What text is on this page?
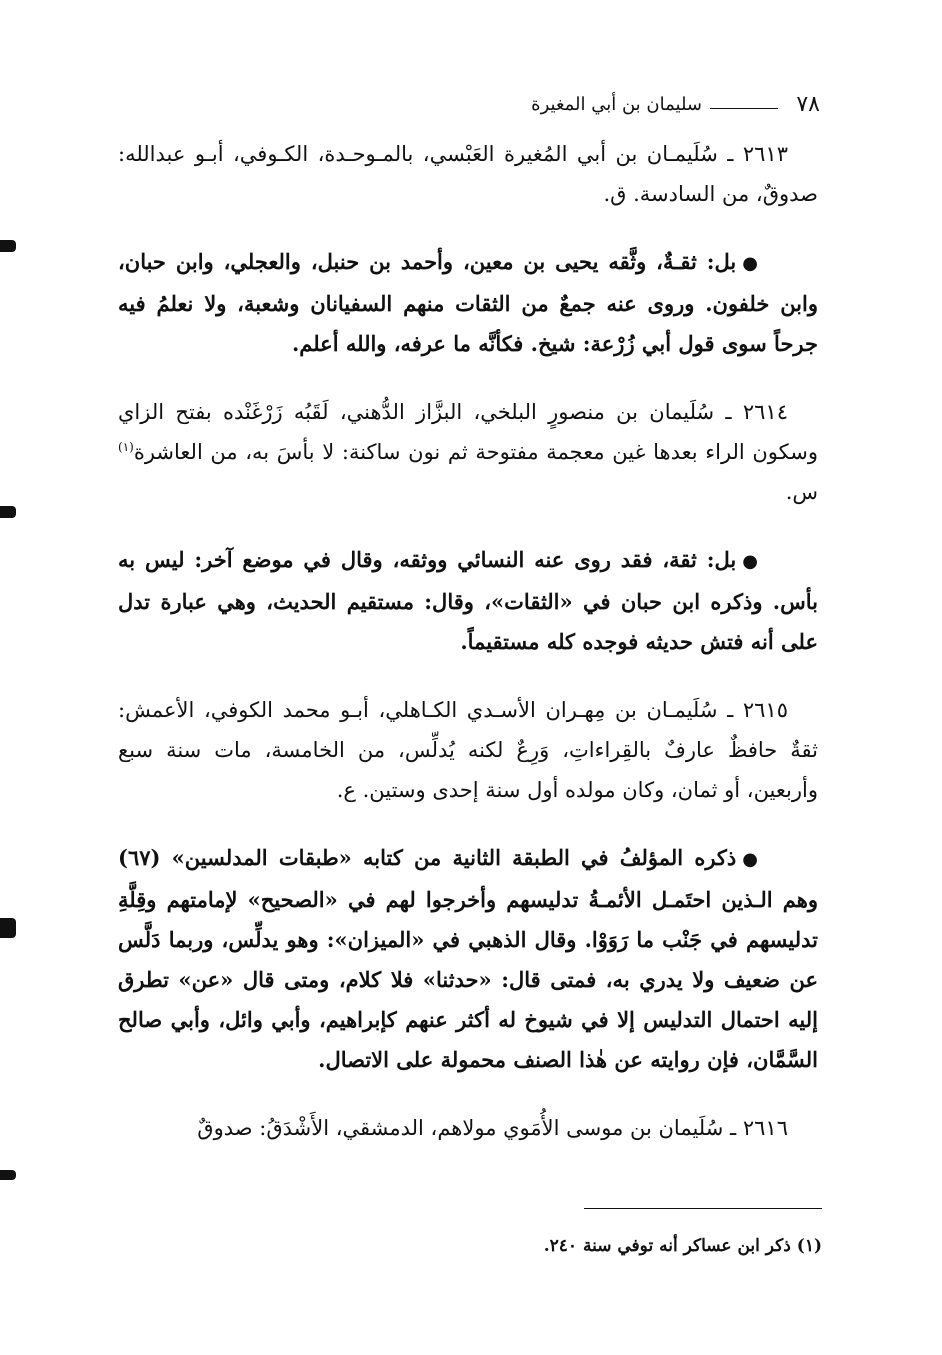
٧٨
سليمان بن أبي المغيرة

٢٦١٣ ـ سُلَيمـان بن أبي المُغيرة العَبْسي، بالمـوحـدة، الكـوفي، أبـو عبدالله: صدوقٌ، من السادسة. ق.

●بل: ثقـةٌ، وثَّقه يحيى بن معين، وأحمد بن حنبل، والعجلي، وابن حبان، وابن خلفون. وروى عنه جمعٌ من الثقات منهم السفيانان وشعبة، ولا نعلمُ فيه جرحاً سوى قول أبي زُرْعة: شيخ. فكأنَّه ما عرفه، والله أعلم.

٢٦١٤ ـ سُلَيمان بن منصورٍ البلخي، البزَّاز الدُّهني، لَقَبُه زَرْغَنْده بفتح الزاي وسكون الراء بعدها غين معجمة مفتوحة ثم نون ساكنة: لا بأسَ به، من العاشرة$^{(١)}$ س.

●بل: ثقة، فقد روى عنه النسائي ووثقه، وقال في موضع آخر: ليس به بأس. وذكره ابن حبان في «الثقات»، وقال: مستقيم الحديث، وهي عبارة تدل على أنه فتش حديثه فوجده كله مستقيماً.

٢٦١٥ ـ سُلَيمـان بن مِهـران الأسـدي الكـاهلي، أبـو محمد الكوفي، الأعمش: ثقةٌ حافظٌ عارفٌ بالقِراءاتِ، وَرِعٌ لكنه يُدلِّس، من الخامسة، مات سنة سبع وأربعين، أو ثمان، وكان مولده أول سنة إحدى وستين. ع.

●ذكره المؤلفُ في الطبقة الثانية من كتابه «طبقات المدلسين» (٦٧) وهم الـذين احتَمـل الأئمـةُ تدليسهم وأخرجوا لهم في «الصحيح» لإمامتهم وقِلَّةِ تدليسهم في جَنْب ما رَوَوْا. وقال الذهبي في «الميزان»: وهو يدلِّس، وربما دَلَّس عن ضعيف ولا يدري به، فمتى قال: «حدثنا» فلا كلام، ومتى قال «عن» تطرق إليه احتمال التدليس إلا في شيوخ له أكثر عنهم كإبراهيم، وأبي وائل، وأبي صالح السَّمَّان، فإن روايته عن هٰذا الصنف محمولة على الاتصال.

٢٦١٦ ـ سُلَيمان بن موسى الأُمَوي مولاهم، الدمشقي، الأَشْدَقُ: صدوقٌ

(١) ذكر ابن عساكر أنه توفي سنة ٢٤٠.
